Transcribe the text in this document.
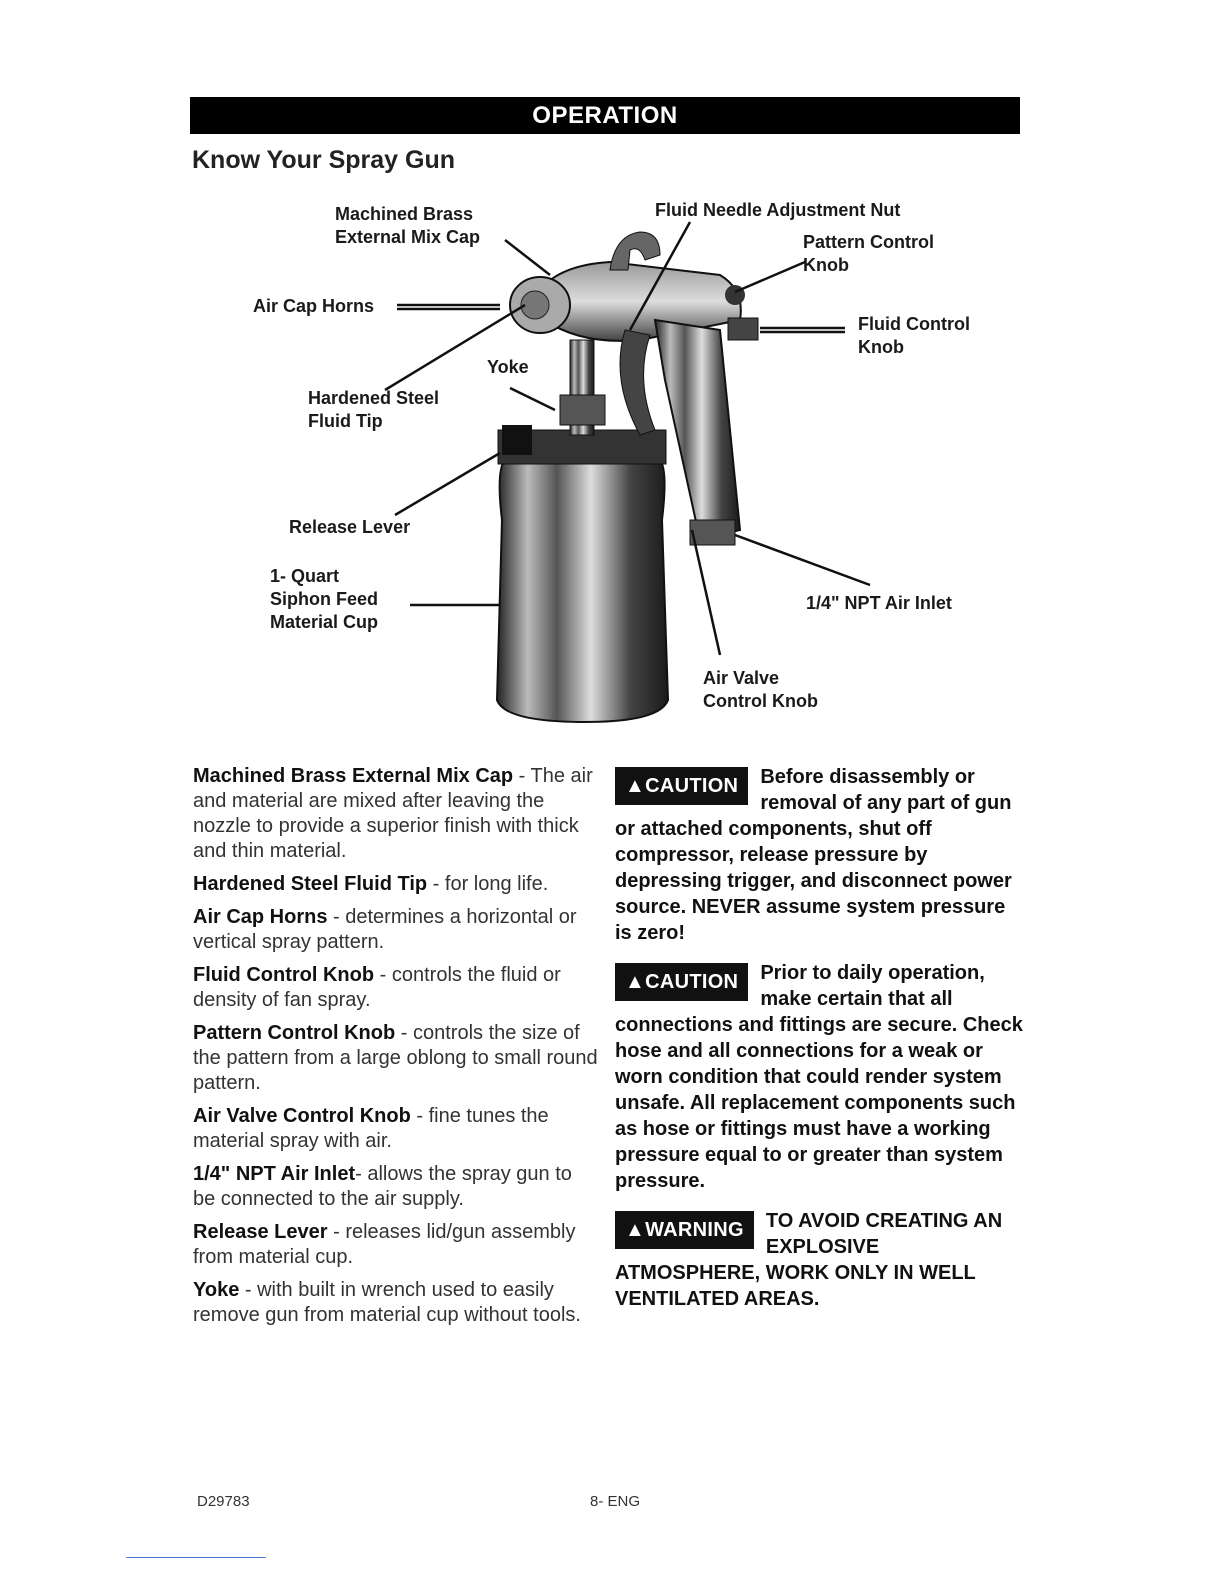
OPERATION
Know Your Spray Gun
Machined Brass
External Mix Cap
Fluid Needle Adjustment Nut
Pattern Control
Knob
Air Cap Horns
Fluid Control
Knob
Yoke
Hardened Steel
Fluid Tip
Release Lever
1- Quart
Siphon Feed
Material Cup
1/4" NPT Air Inlet
Air Valve
Control Knob

Machined Brass External Mix Cap - The air and material are mixed after leaving the nozzle to provide a superior finish with thick and thin material.

Hardened Steel Fluid Tip - for long life.

Air Cap Horns - determines a horizontal or vertical spray pattern.

Fluid Control Knob - controls the fluid or density of fan spray.

Pattern Control Knob - controls the size of the pattern from a large oblong to small round pattern.

Air Valve Control Knob - fine tunes the material spray with air.

1/4" NPT Air Inlet- allows the spray gun to be connected to the air supply.

Release Lever - releases lid/gun assembly from material cup.

Yoke - with built in wrench used to easily remove gun from material cup without tools.

▲CAUTION	Before disassembly or removal of any part of gun or attached components, shut off compressor, release pressure by depressing trigger, and disconnect power source. NEVER assume system pressure is zero!
▲CAUTION	Prior to daily operation, make certain that all connections and fittings are secure. Check hose and all connections for a weak or worn condition that could render system unsafe. All replacement components such as hose or fittings must have a working pressure equal to or greater than system pressure.
▲WARNING	TO AVOID CREATING AN EXPLOSIVE ATMOSPHERE, WORK ONLY IN WELL VENTILATED AREAS.
D29783	8- ENG
